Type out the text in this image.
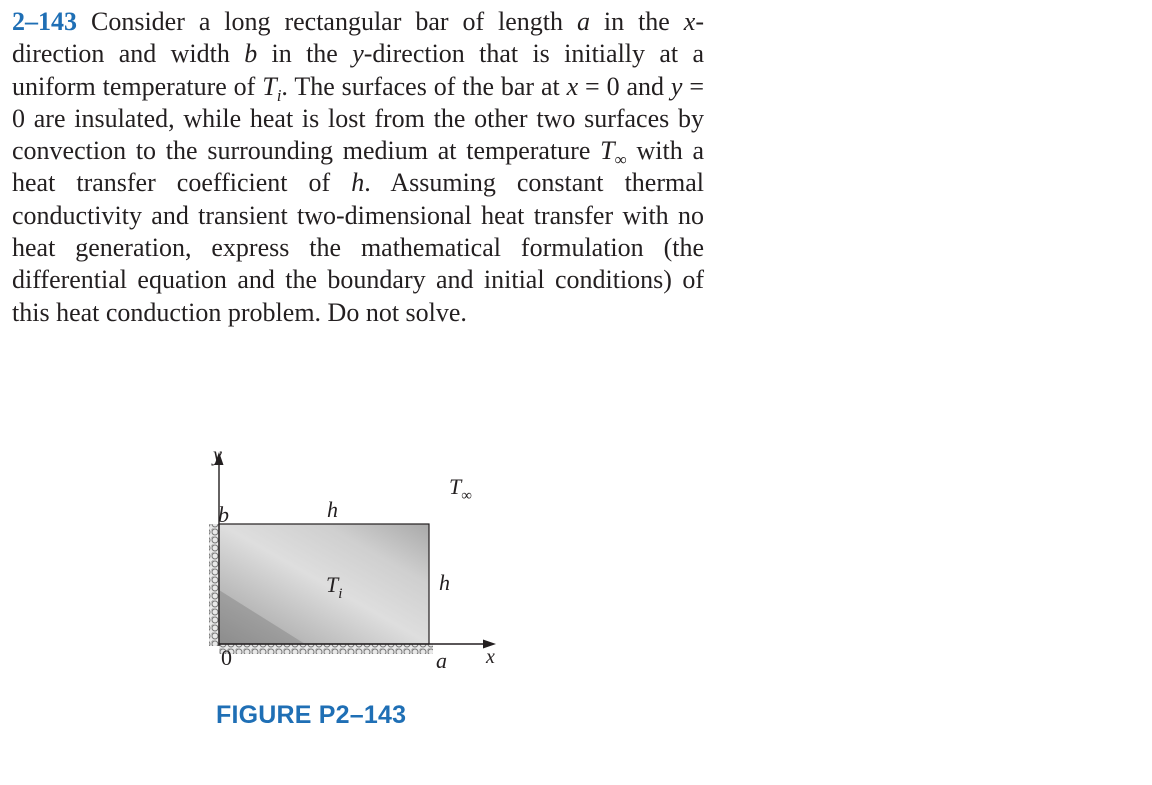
2–143 Consider a long rectangular bar of length a in the x-direction and width b in the y-direction that is initially at a uniform temperature of $T_i$. The surfaces of the bar at x = 0 and y = 0 are insulated, while heat is lost from the other two surfaces by convection to the surrounding medium at temperature $T_\infty$ with a heat transfer coefficient of h. Assuming constant thermal conductivity and transient two-dimensional heat transfer with no heat generation, express the mathematical formulation (the differential equation and the boundary and initial conditions) of this heat conduction problem. Do not solve.
y
x
b
0	a
h
h
$T_\infty$
$T_i$
FIGURE P2–143
